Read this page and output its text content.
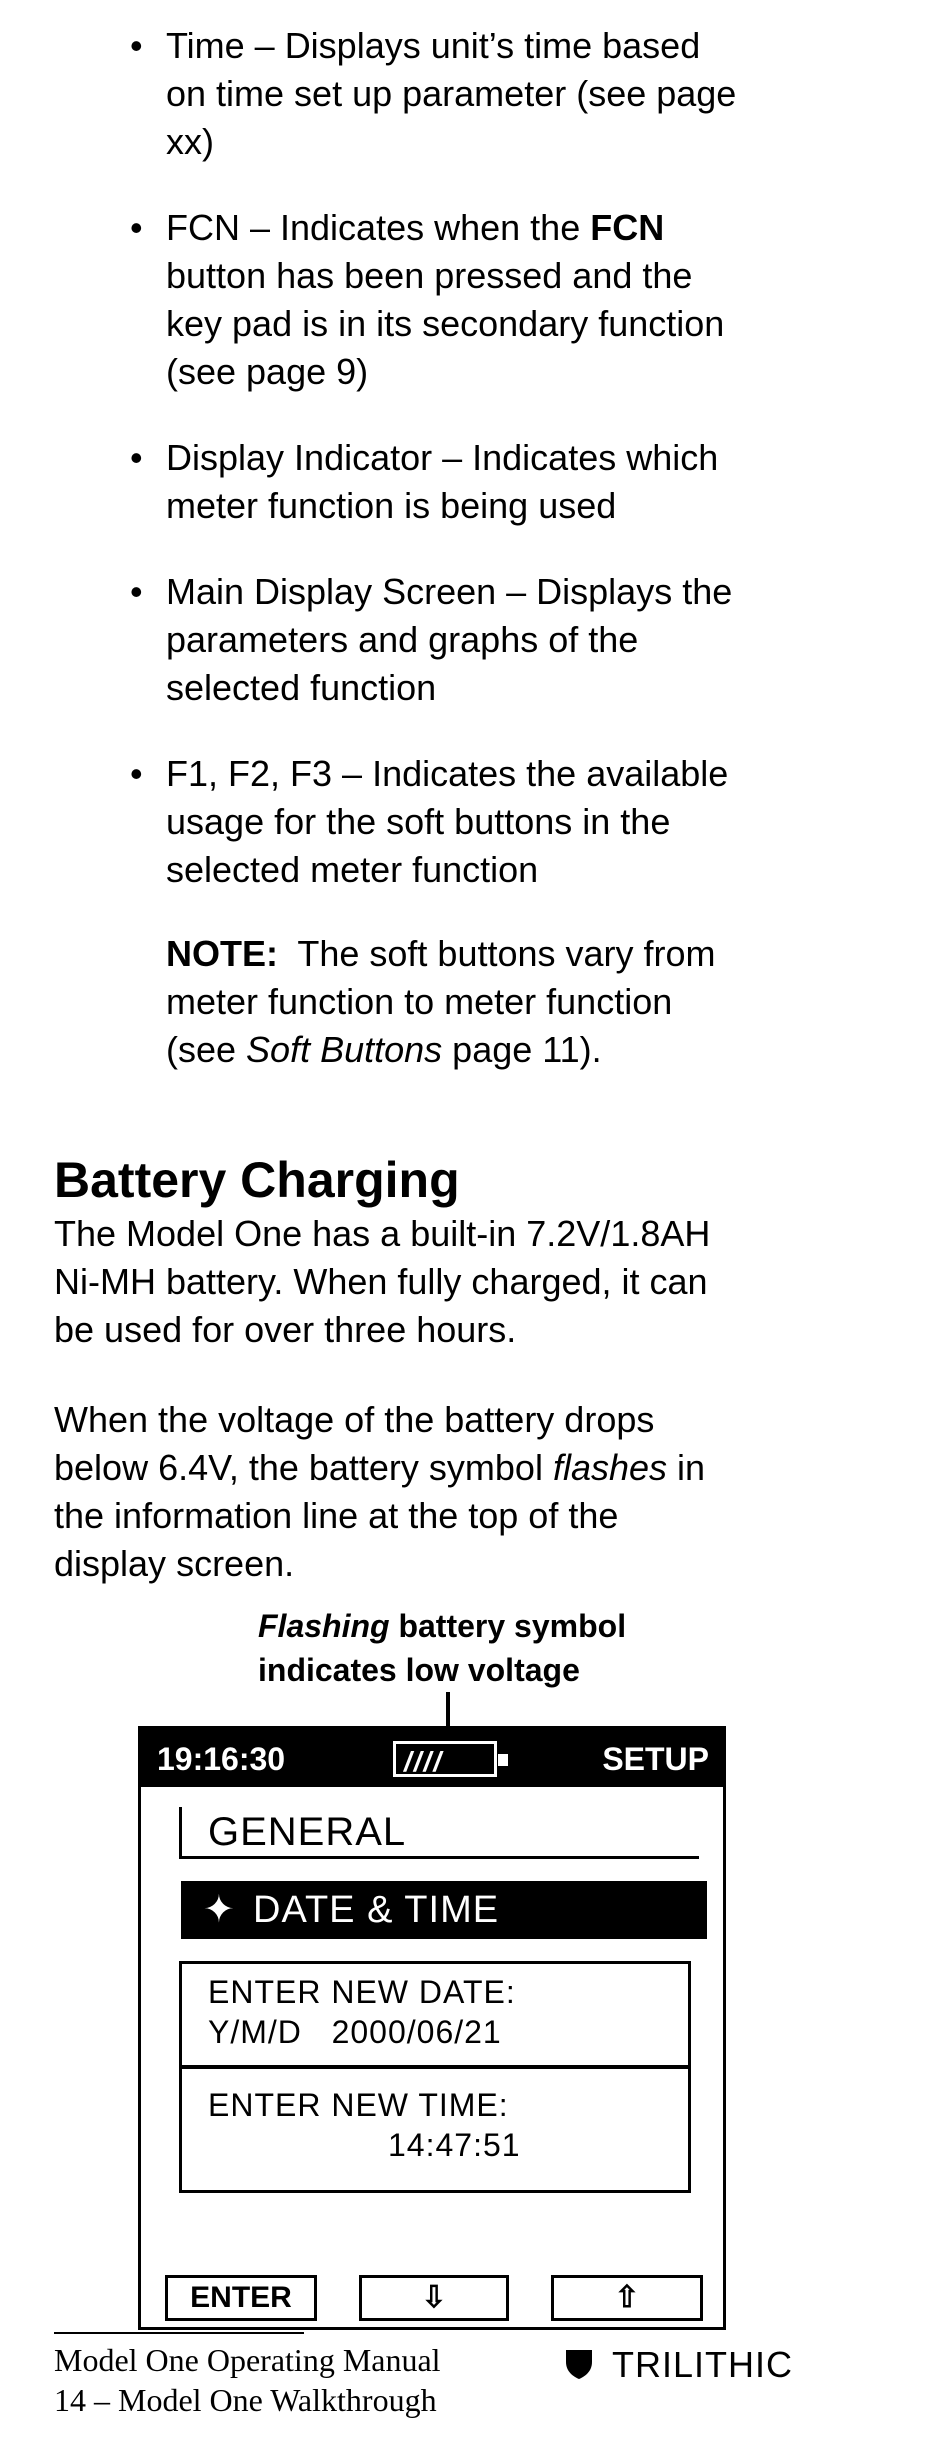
• Time – Displays unit’s time based
on time set up parameter (see page
xx)
• FCN – Indicates when the FCN
button has been pressed and the
key pad is in its secondary function
(see page 9)
• Display Indicator – Indicates which
meter function is being used
• Main Display Screen – Displays the
parameters and graphs of the
selected function
• F1, F2, F3 – Indicates the available
usage for the soft buttons in the
selected meter function
NOTE: The soft buttons vary from
meter function to meter function
(see Soft Buttons page 11).
Battery Charging
The Model One has a built-in 7.2V/1.8AH
Ni-MH battery. When fully charged, it can
be used for over three hours.
When the voltage of the battery drops
below 6.4V, the battery symbol flashes in
the information line at the top of the
display screen.
Flashing battery symbol
indicates low voltage
19:16:30	////	SETUP
GENERAL
✦ DATE & TIME
ENTER NEW DATE:
Y/M/D   2000/06/21
ENTER NEW TIME:
14:47:51
ENTER	⇩	⇧
Model One Operating Manual
14 – Model One Walkthrough
TRILITHIC
